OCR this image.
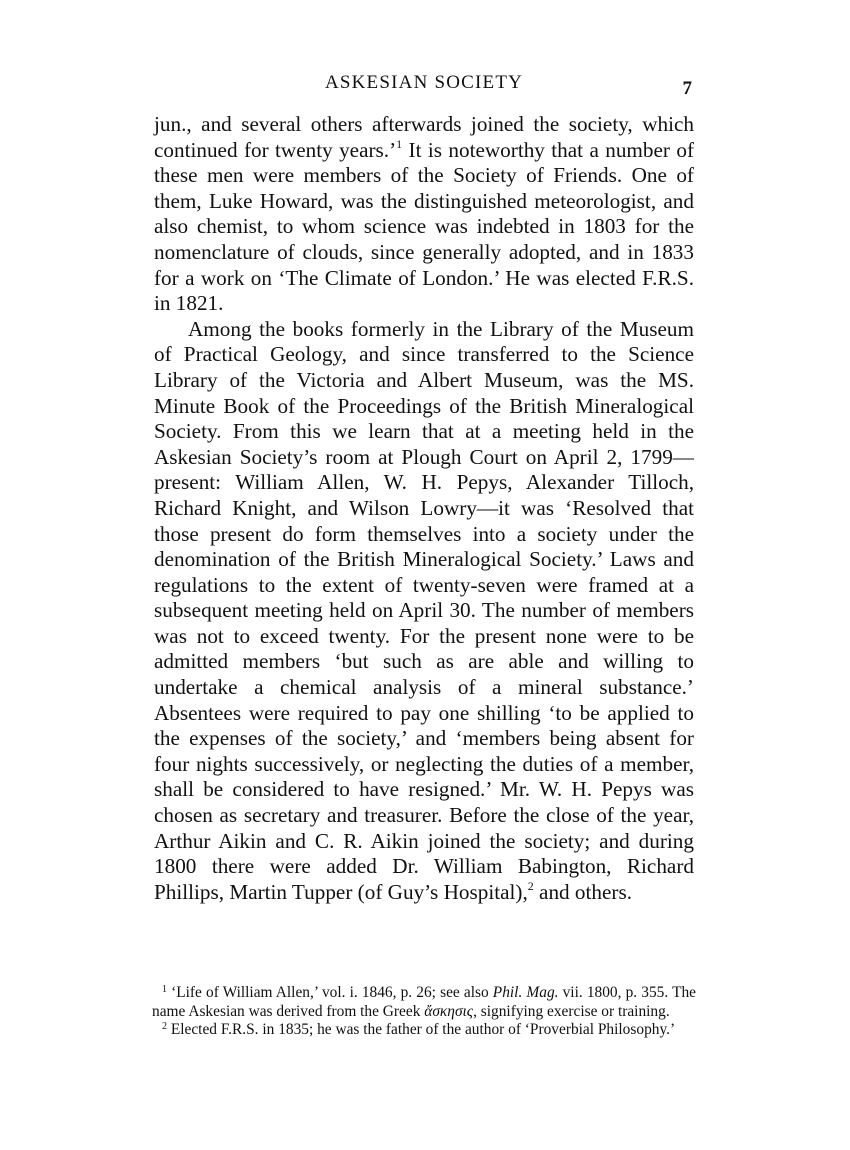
ASKESIAN SOCIETY	7

jun., and several others afterwards joined the society, which continued for twenty years.’$^1$ It is noteworthy that a number of these men were members of the Society of Friends. One of them, Luke Howard, was the distinguished meteorologist, and also chemist, to whom science was indebted in 1803 for the nomenclature of clouds, since generally adopted, and in 1833 for a work on ‘The Climate of London.’ He was elected F.R.S. in 1821.

Among the books formerly in the Library of the Museum of Practical Geology, and since transferred to the Science Library of the Victoria and Albert Museum, was the MS. Minute Book of the Proceedings of the British Mineralogical Society. From this we learn that at a meeting held in the Askesian Society’s room at Plough Court on April 2, 1799—present: William Allen, W. H. Pepys, Alexander Tilloch, Richard Knight, and Wilson Lowry—it was ‘Resolved that those present do form themselves into a society under the denomination of the British Mineralogical Society.’ Laws and regulations to the extent of twenty-seven were framed at a subsequent meeting held on April 30. The number of members was not to exceed twenty. For the present none were to be admitted members ‘but such as are able and willing to undertake a chemical analysis of a mineral substance.’ Absentees were required to pay one shilling ‘to be applied to the expenses of the society,’ and ‘members being absent for four nights successively, or neglecting the duties of a member, shall be considered to have resigned.’ Mr. W. H. Pepys was chosen as secretary and treasurer. Before the close of the year, Arthur Aikin and C. R. Aikin joined the society; and during 1800 there were added Dr. William Babington, Richard Phillips, Martin Tupper (of Guy’s Hospital),$^2$ and others.

$^1$ ‘Life of William Allen,’ vol. i. 1846, p. 26; see also Phil. Mag. vii. 1800, p. 355. The name Askesian was derived from the Greek ἄσκησις, signifying exercise or training.

$^2$ Elected F.R.S. in 1835; he was the father of the author of ‘Proverbial Philosophy.’
